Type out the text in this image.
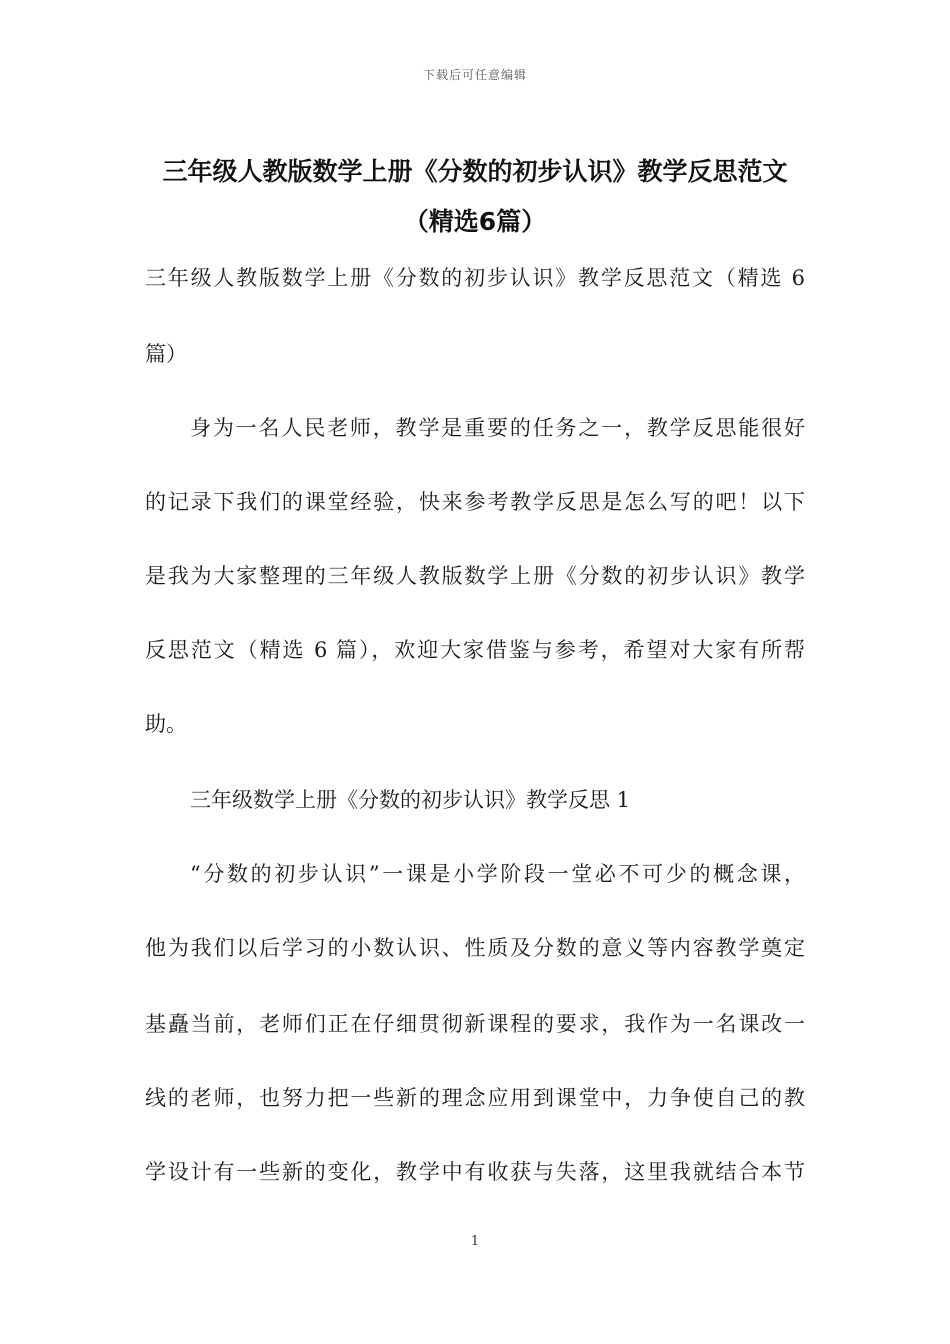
下载后可任意编辑
三年级人教版数学上册《分数的初步认识》教学反思范文
（精选6篇）
三年级人教版数学上册《分数的初步认识》教学反思范文（精选 6
篇）
身为一名人民老师，教学是重要的任务之一，教学反思能很好
的记录下我们的课堂经验，快来参考教学反思是怎么写的吧！以下
是我为大家整理的三年级人教版数学上册《分数的初步认识》教学
反思范文（精选 6 篇），欢迎大家借鉴与参考，希望对大家有所帮
助。
三年级数学上册《分数的初步认识》教学反思 1
“分数的初步认识”一课是小学阶段一堂必不可少的概念课，
他为我们以后学习的小数认识、性质及分数的意义等内容教学奠定
基矗当前，老师们正在仔细贯彻新课程的要求，我作为一名课改一
线的老师，也努力把一些新的理念应用到课堂中，力争使自己的教
学设计有一些新的变化，教学中有收获与失落，这里我就结合本节
1
